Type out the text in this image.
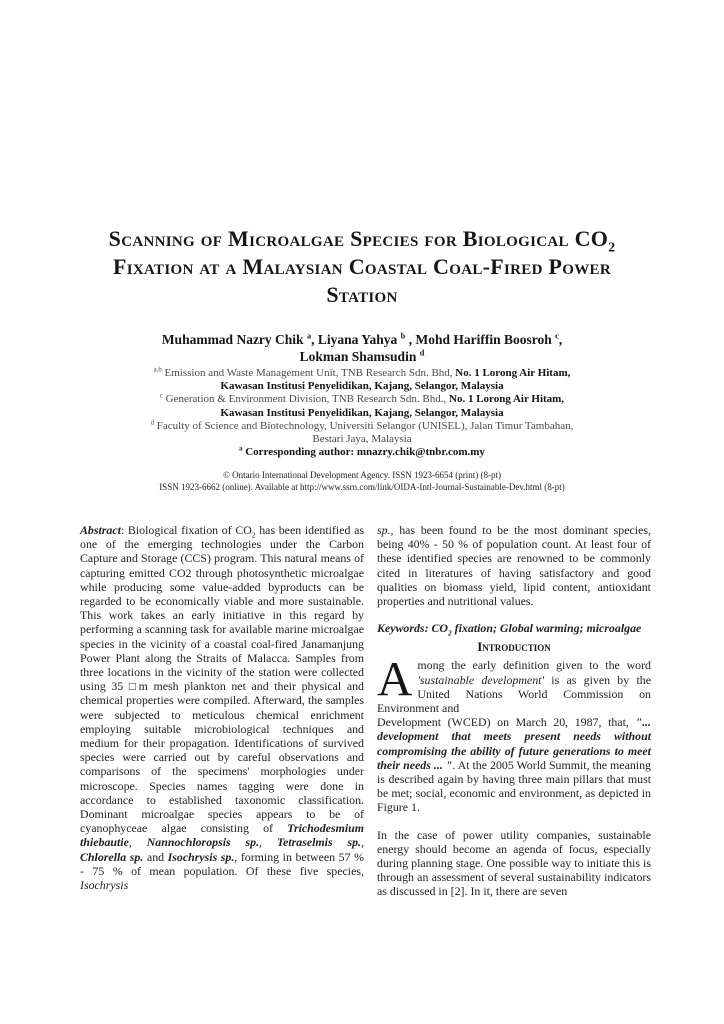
Scanning of Microalgae Species for Biological $CO_2$
Fixation at a Malaysian Coastal Coal-Fired Power
Station
Muhammad Nazry Chik $^a$, Liyana Yahya $^b$ , Mohd Hariffin Boosroh $^c$,
Lokman Shamsudin $^d$
$^{a,b}$ Emission and Waste Management Unit, TNB Research Sdn. Bhd, No. 1 Lorong Air Hitam,
Kawasan Institusi Penyelidikan, Kajang, Selangor, Malaysia
$^c$ Generation & Environment Division, TNB Research Sdn. Bhd., No. 1 Lorong Air Hitam,
Kawasan Institusi Penyelidikan, Kajang, Selangor, Malaysia
$^d$ Faculty of Science and Biotechnology, Universiti Selangor (UNISEL), Jalan Timur Tambahan,
Bestari Jaya, Malaysia
$^a$ Corresponding author: mnazry.chik@tnbr.com.my
© Ontario International Development Agency. ISSN 1923-6654 (print) (8-pt)
ISSN 1923-6662 (online). Available at http://www.ssrn.com/link/OIDA-Intl-Journal-Sustainable-Dev.html (8-pt)
Abstract: Biological fixation of $CO_2$ has been identified as one of the emerging technologies under the Carbon Capture and Storage (CCS) program. This natural means of capturing emitted CO2 through photosynthetic microalgae while producing some value-added byproducts can be regarded to be economically viable and more sustainable. This work takes an early initiative in this regard by performing a scanning task for available marine microalgae species in the vicinity of a coastal coal-fired Janamanjung Power Plant along the Straits of Malacca. Samples from three locations in the vicinity of the station were collected using 35 □m mesh plankton net and their physical and chemical properties were compiled. Afterward, the samples were subjected to meticulous chemical enrichment employing suitable microbiological techniques and medium for their propagation. Identifications of survived species were carried out by careful observations and comparisons of the specimens' morphologies under microscope. Species names tagging were done in accordance to established taxonomic classification. Dominant microalgae species appears to be of cyanophyceae algae consisting of Trichodesmium thiebautie, Nannochloropsis sp., Tetraselmis sp., Chlorella sp. and Isochrysis sp., forming in between 57 % - 75 % of mean population. Of these five species, Isochrysis
sp., has been found to be the most dominant species, being 40% - 50 % of population count. At least four of these identified species are renowned to be commonly cited in literatures of having satisfactory and good qualities on biomass yield, lipid content, antioxidant properties and nutritional values.
Keywords: $CO_2$ fixation; Global warming; microalgae
Introduction
Among the early definition given to the word 'sustainable development' is as given by the United Nations World Commission on Environment and
Development (WCED) on March 20, 1987, that, "... development that meets present needs without compromising the ability of future generations to meet their needs ... ". At the 2005 World Summit, the meaning is described again by having three main pillars that must be met; social, economic and environment, as depicted in Figure 1.
In the case of power utility companies, sustainable energy should become an agenda of focus, especially during planning stage. One possible way to initiate this is through an assessment of several sustainability indicators as discussed in [2]. In it, there are seven
